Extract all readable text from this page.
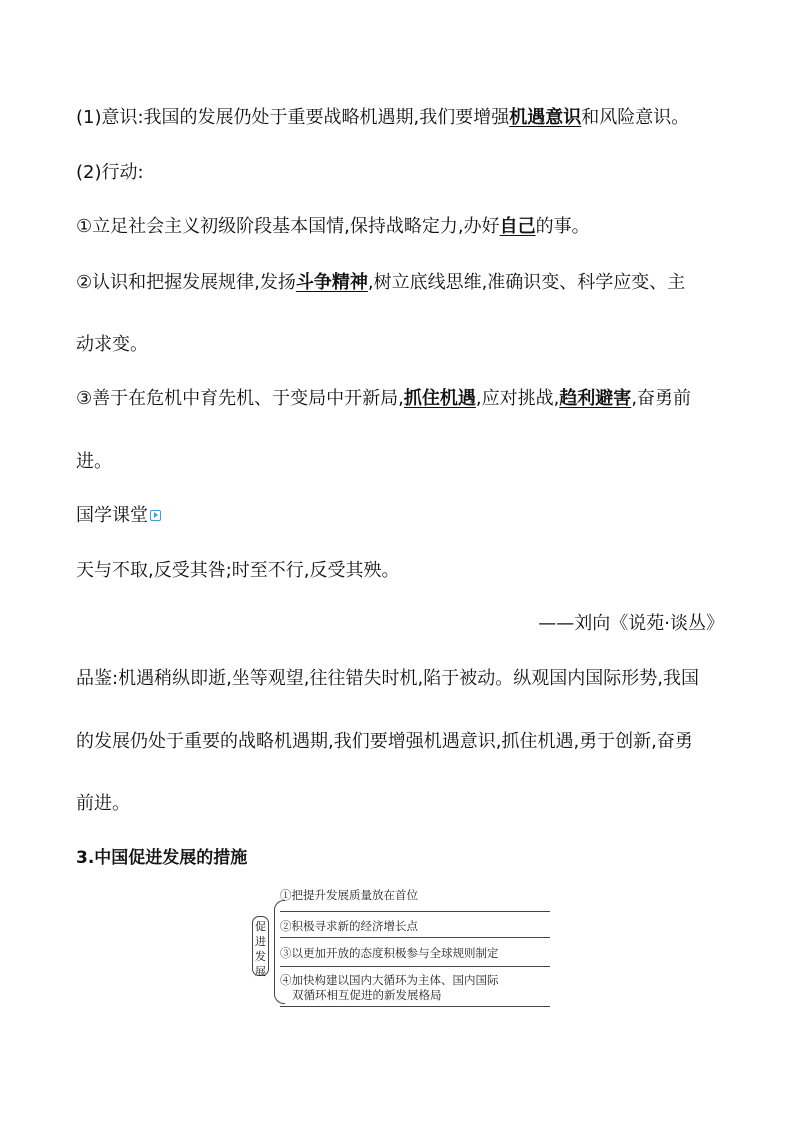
(1)意识:我国的发展仍处于重要战略机遇期,我们要增强机遇意识和风险意识。
(2)行动:
①立足社会主义初级阶段基本国情,保持战略定力,办好自己的事。
②认识和把握发展规律,发扬斗争精神,树立底线思维,准确识变、科学应变、主
动求变。
③善于在危机中育先机、于变局中开新局,抓住机遇,应对挑战,趋利避害,奋勇前
进。
国学课堂
天与不取,反受其咎;时至不行,反受其殃。
——刘向《说苑·谈丛》
品鉴:机遇稍纵即逝,坐等观望,往往错失时机,陷于被动。纵观国内国际形势,我国
的发展仍处于重要的战略机遇期,我们要增强机遇意识,抓住机遇,勇于创新,奋勇
前进。
3.中国促进发展的措施
促
进
发
展
①把提升发展质量放在首位
②积极寻求新的经济增长点
③以更加开放的态度积极参与全球规则制定
④加快构建以国内大循环为主体、国内国际
双循环相互促进的新发展格局
